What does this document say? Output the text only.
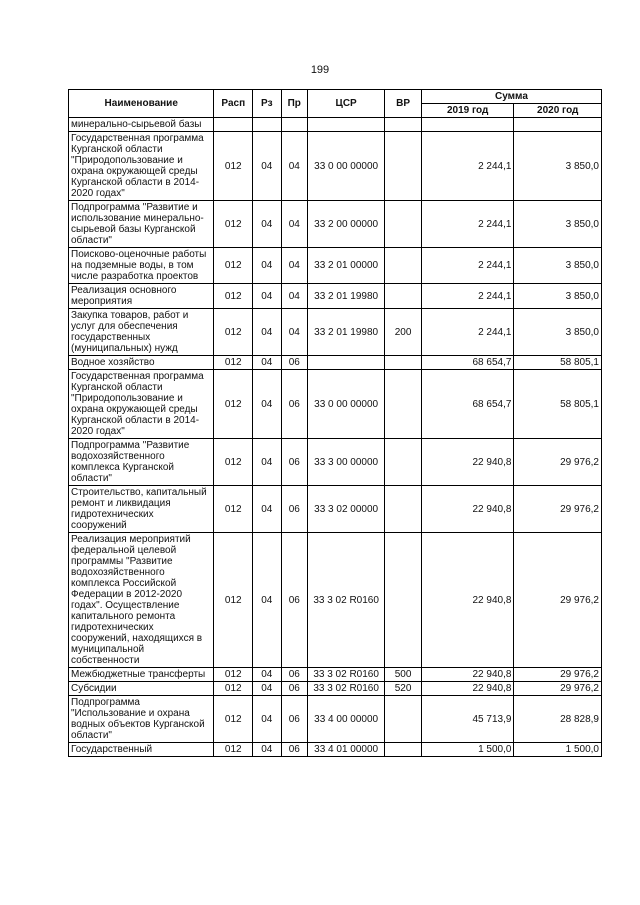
199
Наименование	Расп	Рз	Пр	ЦСР	ВР	Сумма	
						2019 год	2020 год
минерально-сырьевой базы							
Государственная программа Курганской области "Природопользование и охрана окружающей среды Курганской области в 2014-2020 годах"	012	04	04	33 0 00 00000		2 244,1	3 850,0
Подпрограмма "Развитие и использование минерально-сырьевой базы Курганской области"	012	04	04	33 2 00 00000		2 244,1	3 850,0
Поисково-оценочные работы на подземные воды, в том числе разработка проектов	012	04	04	33 2 01 00000		2 244,1	3 850,0
Реализация основного мероприятия	012	04	04	33 2 01 19980		2 244,1	3 850,0
Закупка товаров, работ и услуг для обеспечения государственных (муниципальных) нужд	012	04	04	33 2 01 19980	200	2 244,1	3 850,0
Водное хозяйство	012	04	06			68 654,7	58 805,1
Государственная программа Курганской области "Природопользование и охрана окружающей среды Курганской области в 2014-2020 годах"	012	04	06	33 0 00 00000		68 654,7	58 805,1
Подпрограмма "Развитие водохозяйственного комплекса Курганской области"	012	04	06	33 3 00 00000		22 940,8	29 976,2
Строительство, капитальный ремонт и ликвидация гидротехнических сооружений	012	04	06	33 3 02 00000		22 940,8	29 976,2
Реализация мероприятий федеральной целевой программы "Развитие водохозяйственного комплекса Российской Федерации в 2012-2020 годах". Осуществление капитального ремонта гидротехнических сооружений, находящихся в муниципальной собственности	012	04	06	33 3 02 R0160		22 940,8	29 976,2
Межбюджетные трансферты	012	04	06	33 3 02 R0160	500	22 940,8	29 976,2
Субсидии	012	04	06	33 3 02 R0160	520	22 940,8	29 976,2
Подпрограмма "Использование и охрана водных объектов Курганской области"	012	04	06	33 4 00 00000		45 713,9	28 828,9
Государственный	012	04	06	33 4 01 00000		1 500,0	1 500,0
